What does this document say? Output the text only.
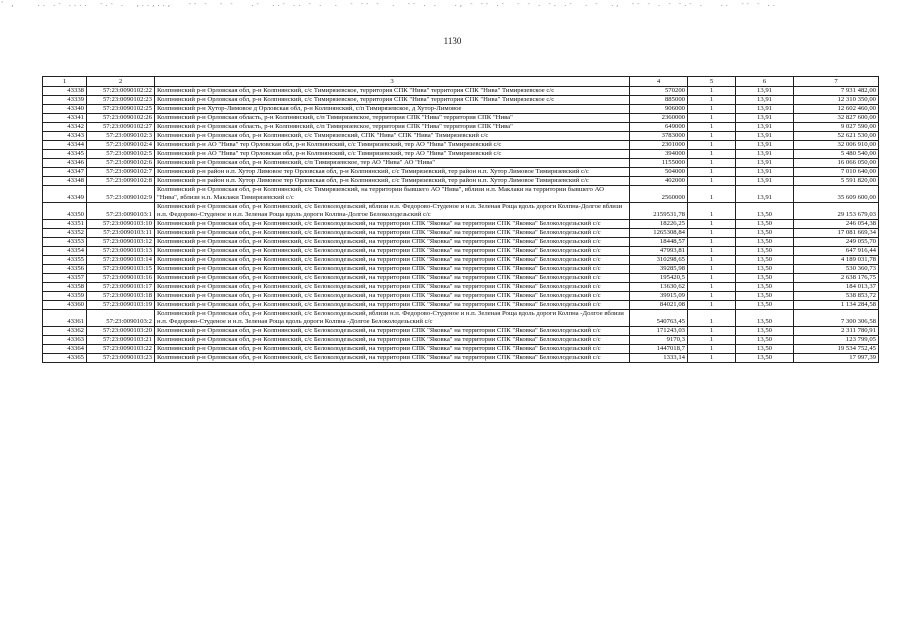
' ,    .. .- ....  -.- .  ,..,..,   -- -  - -   .-  ..- .. - .  .  - -- -  .  -- . .   ., - -- .-  - - . -. .-  . -  .,  -- - . - -.- .   ..  -- - ..
1130
1	2	3	4	5	6	7
43338	57:23:0090102:22	Колпнянский р-н Орловская обл, р-н Колпнянский, с/с Тимирязевское, территория СПК "Нива" территория СПК "Нива" Тимирязевское с/с	570200	1	13,91	7 931 482,00
43339	57:23:0090102:23	Колпнянский р-н Орловская обл, р-н Колпнянский, с/с Тимирязевское, территория СПК "Нива" территория СПК "Нива" Тимирязевское с/с	885000	1	13,91	12 310 350,00
43340	57:23:0090102:25	Колпнянский р-н Хутор-Лимовое д Орловская обл, р-н Колпнянский, с/п Тимирязевское, д Хутор-Лимовое	906000	1	13,91	12 602 460,00
43341	57:23:0090102:26	Колпнянский р-н Орловская область, р-н Колпнянский, с/п Тимирязевское, территория СПК "Нива" территория СПК "Нива"	2360000	1	13,91	32 827 600,00
43342	57:23:0090102:27	Колпнянский р-н Орловская область, р-н Колпнянский, с/п Тимирязевское, территория СПК "Нива" территория СПК "Нива"	649000	1	13,91	9 027 590,00
43343	57:23:0090102:3	Колпнянский р-н Орловская обл, р-н Колпнянский, с/с Тимирязевский, СПК "Нива" СПК "Нива" Тимирязевский с/с	3783000	1	13,91	52 621 530,00
43344	57:23:0090102:4	Колпнянский р-н АО "Нива" тер Орловская обл, р-н Колпнянский, с/с Тимирязевский, тер АО "Нива" Тимирязевский с/с	2301000	1	13,91	32 006 910,00
43345	57:23:0090102:5	Колпнянский р-н АО "Нива" тер Орловская обл, р-н Колпнянский, с/с Тимирязевский, тер АО "Нива" Тимирязевский с/с	394000	1	13,91	5 480 540,00
43346	57:23:0090102:6	Колпнянский р-н Орловская обл, р-н Колпнянский, с/п Тимирязевское, тер АО "Нива" АО "Нива"	1155000	1	13,91	16 066 050,00
43347	57:23:0090102:7	Колпнянский р-н район н.п. Хутор Лимовое тер Орловская обл, р-н Колпнянский, с/с Тимирязевский, тер район н.п. Хутор Лимовое Тимирязевский с/с	504000	1	13,91	7 010 640,00
43348	57:23:0090102:8	Колпнянский р-н район н.п. Хутор Лимовое тер Орловская обл, р-н Колпнянский, с/с Тимирязевский, тер район н.п. Хутор Лимовое Тимирязевский с/с	402000	1	13,91	5 591 820,00
43349	57:23:0090102:9	Колпнянский р-н Орловская обл, р-н Колпнянский, с/с Тимирязевский, на территории бывшего АО "Нива", вблизи н.п. Маклаки на территории бывшего АО "Нива", вблизи н.п. Маклаки Тимирязевский с/с	2560000	1	13,91	35 609 600,00
43350	57:23:0090103:1	Колпнянский р-н Орловская обл, р-н Колпнянский, с/с Белоколодезьский, вблизи н.п. Федорово-Студеное и н.п. Зеленая Роща вдоль дороги Колпна-Долгое вблизи н.п. Федорово-Студеное и н.п. Зеленая Роща вдоль дороги Колпна-Долгое Белоколодезьский с/с	2159531,78	1	13,50	29 153 679,03
43351	57:23:0090103:10	Колпнянский р-н Орловская обл, р-н Колпнянский, с/с Белоколодезьский, на территории СПК "Яковка" на территории СПК "Яковка" Белоколодезьский с/с	18226,25	1	13,50	246 054,38
43352	57:23:0090103:11	Колпнянский р-н Орловская обл, р-н Колпнянский, с/с Белоколодезьский, на территории СПК "Яковка" на территории СПК "Яковка" Белоколодезьский с/с	1265308,84	1	13,50	17 081 669,34
43353	57:23:0090103:12	Колпнянский р-н Орловская обл, р-н Колпнянский, с/с Белоколодезьский, на территории СПК "Яковка" на территории СПК "Яковка" Белоколодезьский с/с	18448,57	1	13,50	249 055,70
43354	57:23:0090103:13	Колпнянский р-н Орловская обл, р-н Колпнянский, с/с Белоколодезьский, на территории СПК "Яковка" на территории СПК "Яковка" Белоколодезьский с/с	47993,81	1	13,50	647 916,44
43355	57:23:0090103:14	Колпнянский р-н Орловская обл, р-н Колпнянский, с/с Белоколодезьский, на территории СПК "Яковка" на территории СПК "Яковка" Белоколодезьский с/с	310298,65	1	13,50	4 189 031,78
43356	57:23:0090103:15	Колпнянский р-н Орловская обл, р-н Колпнянский, с/с Белоколодезьский, на территории СПК "Яковка" на территории СПК "Яковка" Белоколодезьский с/с	39285,98	1	13,50	530 360,73
43357	57:23:0090103:16	Колпнянский р-н Орловская обл, р-н Колпнянский, с/с Белоколодезьский, на территории СПК "Яковка" на территории СПК "Яковка" Белоколодезьский с/с	195420,5	1	13,50	2 638 176,75
43358	57:23:0090103:17	Колпнянский р-н Орловская обл, р-н Колпнянский, с/с Белоколодезьский, на территории СПК "Яковка" на территории СПК "Яковка" Белоколодезьский с/с	13630,62	1	13,50	184 013,37
43359	57:23:0090103:18	Колпнянский р-н Орловская обл, р-н Колпнянский, с/с Белоколодезьский, на территории СПК "Яковка" на территории СПК "Яковка" Белоколодезьский с/с	39915,09	1	13,50	538 853,72
43360	57:23:0090103:19	Колпнянский р-н Орловская обл, р-н Колпнянский, с/с Белоколодезьский, на территории СПК "Яковка" на территории СПК "Яковка" Белоколодезьский с/с	84021,08	1	13,50	1 134 284,58
43361	57:23:0090103:2	Колпнянский р-н Орловская обл, р-н Колпнянский, с/с Белоколодезьский, вблизи н.п. Федорово-Студеное и н.п. Зеленая Роща вдоль дороги Колпна -Долгое вблизи н.п. Федорово-Студеное и н.п. Зеленая Роща вдоль дороги Колпна -Долгое Белоколодезьский с/с	540763,45	1	13,50	7 300 306,58
43362	57:23:0090103:20	Колпнянский р-н Орловская обл, р-н Колпнянский, с/с Белоколодезьский, на территории СПК "Яковка" на территории СПК "Яковка" Белоколодезьский с/с	171243,03	1	13,50	2 311 780,91
43363	57:23:0090103:21	Колпнянский р-н Орловская обл, р-н Колпнянский, с/с Белоколодезьский, на территории СПК "Яковка" на территории СПК "Яковка" Белоколодезьский с/с	9170,3	1	13,50	123 799,05
43364	57:23:0090103:22	Колпнянский р-н Орловская обл, р-н Колпнянский, с/с Белоколодезьский, на территории СПК "Яковка" на территории СПК "Яковка" Белоколодезьский с/с	1447018,7	1	13,50	19 534 752,45
43365	57:23:0090103:23	Колпнянский р-н Орловская обл, р-н Колпнянский, с/с Белоколодезьский, на территории СПК "Яковка" на территории СПК "Яковка" Белоколодезьский с/с	1333,14	1	13,50	17 997,39
